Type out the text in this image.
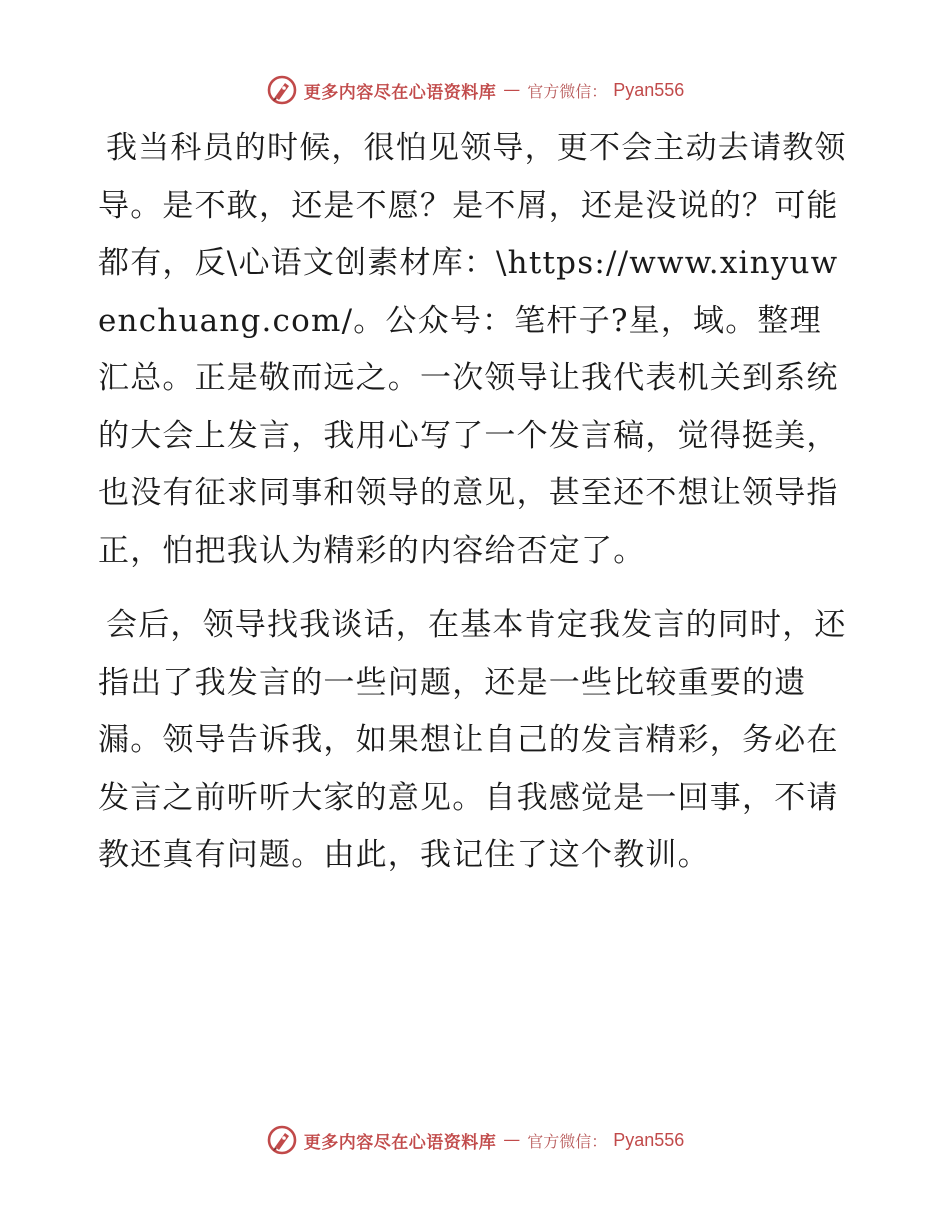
更多内容尽在心语资料库 — 官方微信： Pyan556

我当科员的时候，很怕见领导，更不会主动去请教领导。是不敢，还是不愿？是不屑，还是没说的？可能都有，反\心语文创素材库：\https://www.xinyuwenchuang.com/。公众号：笔杆子?星，域。整理汇总。正是敬而远之。一次领导让我代表机关到系统的大会上发言，我用心写了一个发言稿，觉得挺美，也没有征求同事和领导的意见，甚至还不想让领导指正，怕把我认为精彩的内容给否定了。

会后，领导找我谈话，在基本肯定我发言的同时，还指出了我发言的一些问题，还是一些比较重要的遗漏。领导告诉我，如果想让自己的发言精彩，务必在发言之前听听大家的意见。自我感觉是一回事，不请教还真有问题。由此，我记住了这个教训。

更多内容尽在心语资料库 — 官方微信： Pyan556
